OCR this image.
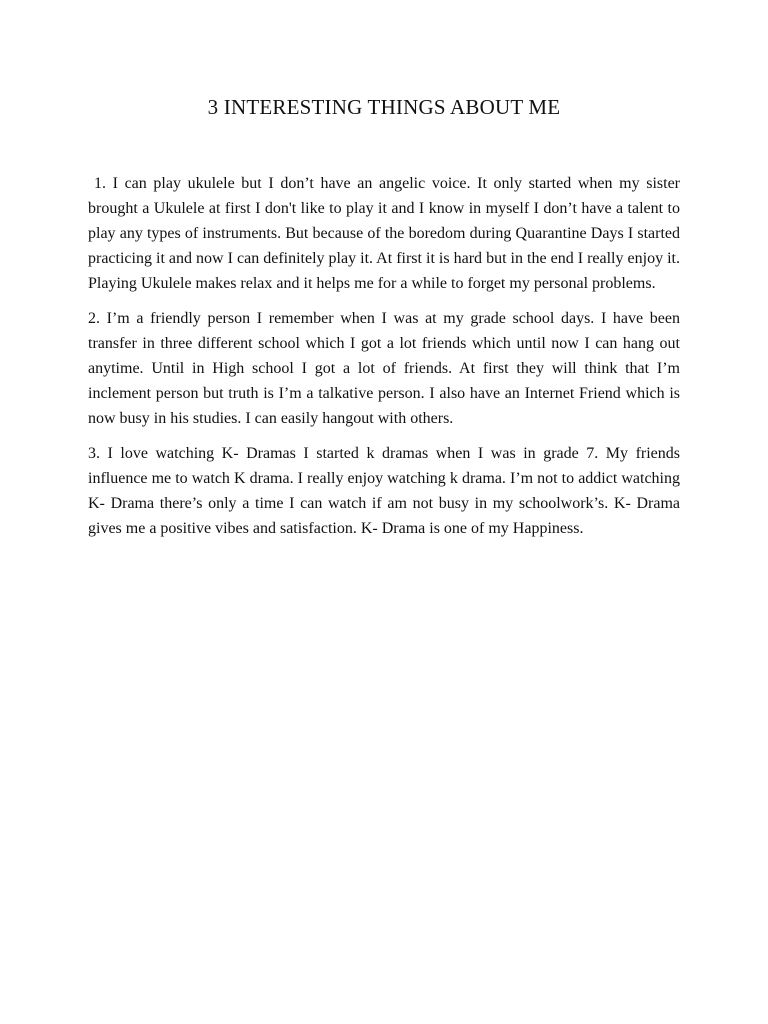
3 INTERESTING THINGS ABOUT ME

1. I can play ukulele but I don’t have an angelic voice. It only started when my sister brought a Ukulele at first I don't like to play it and I know in myself I don’t have a talent to play any types of instruments. But because of the boredom during Quarantine Days I started practicing it and now I can definitely play it. At first it is hard but in the end I really enjoy it. Playing Ukulele makes relax and it helps me for a while to forget my personal problems.

2. I’m a friendly person I remember when I was at my grade school days. I have been transfer in three different school which I got a lot friends which until now I can hang out anytime. Until in High school I got a lot of friends. At first they will think that I’m inclement person but truth is I’m a talkative person. I also have an Internet Friend which is now busy in his studies. I can easily hangout with others.

3. I love watching K- Dramas I started k dramas when I was in grade 7. My friends influence me to watch K drama. I really enjoy watching k drama. I’m not to addict watching K- Drama there’s only a time I can watch if am not busy in my schoolwork’s. K- Drama gives me a positive vibes and satisfaction. K- Drama is one of my Happiness.
